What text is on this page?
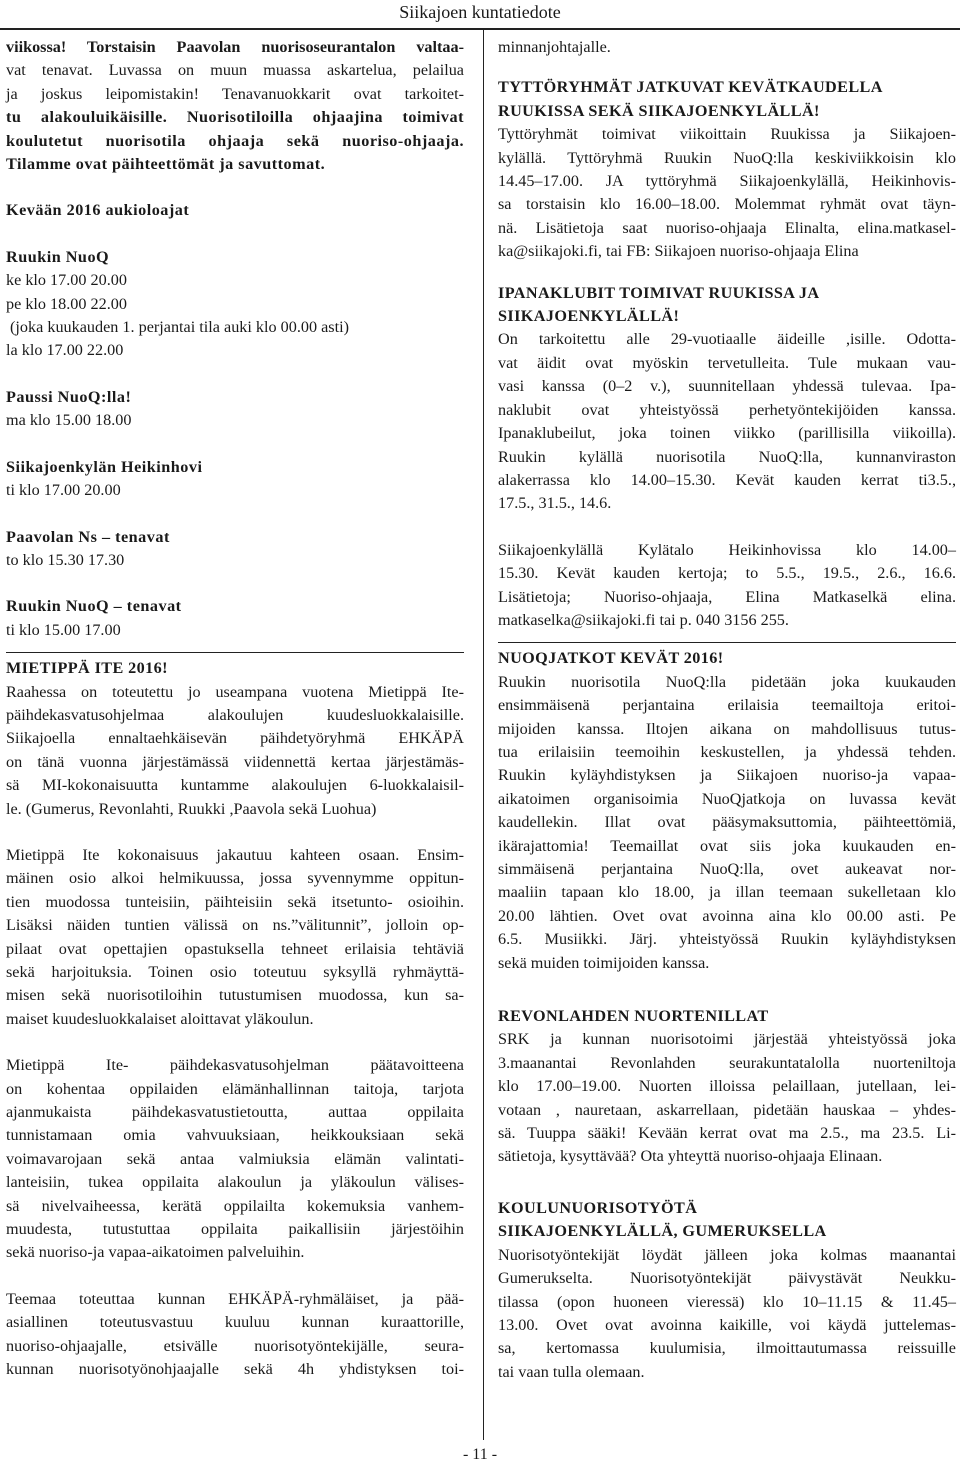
Siikajoen kuntatiedote

viikossa! Torstaisin Paavolan nuorisoseurantalon valtaa-

vat tenavat. Luvassa on muun muassa askartelua, pelailua

ja joskus leipomistakin! Tenavanuokkarit ovat tarkoitet-

tu alakouluikäisille. Nuorisotiloilla ohjaajina toimivat

koulutetut nuorisotila ohjaaja sekä nuoriso-ohjaaja.

Tilamme ovat päihteettömät ja savuttomat.

Kevään 2016 aukioloajat

Ruukin NuoQ

ke klo 17.00 20.00

pe klo 18.00 22.00

(joka kuukauden 1. perjantai tila auki klo 00.00 asti)

la klo 17.00 22.00

Paussi NuoQ:lla!

ma klo 15.00 18.00

Siikajoenkylän Heikinhovi

ti klo 17.00 20.00

Paavolan Ns – tenavat

to klo 15.30 17.30

Ruukin NuoQ – tenavat

ti klo 15.00 17.00

MIETIPPÄ ITE 2016!

Raahessa on toteutettu jo useampana vuotena Mietippä Ite-

päihdekasvatusohjelmaa alakoulujen kuudesluokkalaisille.

Siikajoella ennaltaehkäisevän päihdetyöryhmä EHKÄPÄ

on tänä vuonna järjestämässä viidennettä kertaa järjestämäs-

sä MI-kokonaisuutta kuntamme alakoulujen 6-luokkalaisil-

le. (Gumerus, Revonlahti, Ruukki ,Paavola sekä Luohua)

Mietippä Ite kokonaisuus jakautuu kahteen osaan. Ensim-

mäinen osio alkoi helmikuussa, jossa syvennymme oppitun-

tien muodossa tunteisiin, päihteisiin sekä itsetunto- osioihin.

Lisäksi näiden tuntien välissä on ns.”välitunnit”, jolloin op-

pilaat ovat opettajien opastuksella tehneet erilaisia tehtäviä

sekä harjoituksia. Toinen osio toteutuu syksyllä ryhmäyttä-

misen sekä nuorisotiloihin tutustumisen muodossa, kun sa-

maiset kuudesluokkalaiset aloittavat yläkoulun.

Mietippä Ite- päihdekasvatusohjelman päätavoitteena

on kohentaa oppilaiden elämänhallinnan taitoja, tarjota

ajanmukaista päihdekasvatustietoutta, auttaa oppilaita

tunnistamaan omia vahvuuksiaan, heikkouksiaan sekä

voimavarojaan sekä antaa valmiuksia elämän valintati-

lanteisiin, tukea oppilaita alakoulun ja yläkoulun välises-

sä nivelvaiheessa, kerätä oppilailta kokemuksia vanhem-

muudesta, tutustuttaa oppilaita paikallisiin järjestöihin

sekä nuoriso-ja vapaa-aikatoimen palveluihin.

Teemaa toteuttaa kunnan EHKÄPÄ-ryhmäläiset, ja pää-

asiallinen toteutusvastuu kuuluu kunnan kuraattorille,

nuoriso-ohjaajalle, etsivälle nuorisotyöntekijälle, seura-

kunnan nuorisotyönohjaajalle sekä 4h yhdistyksen toi-

minnanjohtajalle.

TYTTÖRYHMÄT JATKUVAT KEVÄTKAUDELLA

RUUKISSA SEKÄ SIIKAJOENKYLÄLLÄ!

Tyttöryhmät toimivat viikoittain Ruukissa ja Siikajoen-

kylällä. Tyttöryhmä Ruukin NuoQ:lla keskiviikkoisin klo

14.45–17.00. JA tyttöryhmä Siikajoenkylällä, Heikinhovis-

sa torstaisin klo 16.00–18.00. Molemmat ryhmät ovat täyn-

nä. Lisätietoja saat nuoriso-ohjaaja Elinalta, elina.matkasel-

ka@siikajoki.fi, tai FB: Siikajoen nuoriso-ohjaaja Elina

IPANAKLUBIT TOIMIVAT RUUKISSA JA

SIIKAJOENKYLÄLLÄ!

On tarkoitettu alle 29-vuotiaalle äideille ,isille. Odotta-

vat äidit ovat myöskin tervetulleita. Tule mukaan vau-

vasi kanssa (0–2 v.), suunnitellaan yhdessä tulevaa. Ipa-

naklubit ovat yhteistyössä perhetyöntekijöiden kanssa.

Ipanaklubeilut, joka toinen viikko (parillisilla viikoilla).

Ruukin kylällä nuorisotila NuoQ:lla, kunnanviraston

alakerrassa klo 14.00–15.30. Kevät kauden kerrat ti3.5.,

17.5., 31.5., 14.6.

Siikajoenkylällä Kylätalo Heikinhovissa klo 14.00–

15.30. Kevät kauden kertoja; to 5.5., 19.5., 2.6., 16.6.

Lisätietoja; Nuoriso-ohjaaja, Elina Matkaselkä elina.

matkaselka@siikajoki.fi tai p. 040 3156 255.

NUOQJATKOT KEVÄT 2016!

Ruukin nuorisotila NuoQ:lla pidetään joka kuukauden

ensimmäisenä perjantaina erilaisia teemailtoja eritoi-

mijoiden kanssa. Iltojen aikana on mahdollisuus tutus-

tua erilaisiin teemoihin keskustellen, ja yhdessä tehden.

Ruukin kyläyhdistyksen ja Siikajoen nuoriso-ja vapaa-

aikatoimen organisoimia NuoQjatkoja on luvassa kevät

kaudellekin. Illat ovat pääsymaksuttomia, päihteettömiä,

ikärajattomia! Teemaillat ovat siis joka kuukauden en-

simmäisenä perjantaina NuoQ:lla, ovet aukeavat nor-

maaliin tapaan klo 18.00, ja illan teemaan sukelletaan klo

20.00 lähtien. Ovet ovat avoinna aina klo 00.00 asti. Pe

6.5. Musiikki. Järj. yhteistyössä Ruukin kyläyhdistyksen

sekä muiden toimijoiden kanssa.

REVONLAHDEN NUORTENILLAT

SRK ja kunnan nuorisotoimi järjestää yhteistyössä joka

3.maanantai Revonlahden seurakuntatalolla nuorteniltoja

klo 17.00–19.00. Nuorten illoissa pelaillaan, jutellaan, lei-

votaan , nauretaan, askarrellaan, pidetään hauskaa – yhdes-

sä. Tuuppa sääki! Kevään kerrat ovat ma 2.5., ma 23.5. Li-

sätietoja, kysyttävää? Ota yhteyttä nuoriso-ohjaaja Elinaan.

KOULUNUORISOTYÖTÄ

SIIKAJOENKYLÄLLÄ, GUMERUKSELLA

Nuorisotyöntekijät löydät jälleen joka kolmas maanantai

Gumerukselta. Nuorisotyöntekijät päivystävät Neukku-

tilassa (opon huoneen vieressä) klo 10–11.15 & 11.45–

13.00. Ovet ovat avoinna kaikille, voi käydä juttelemas-

sa, kertomassa kuulumisia, ilmoittautumassa reissuille

tai vaan tulla olemaan.

- 11 -
